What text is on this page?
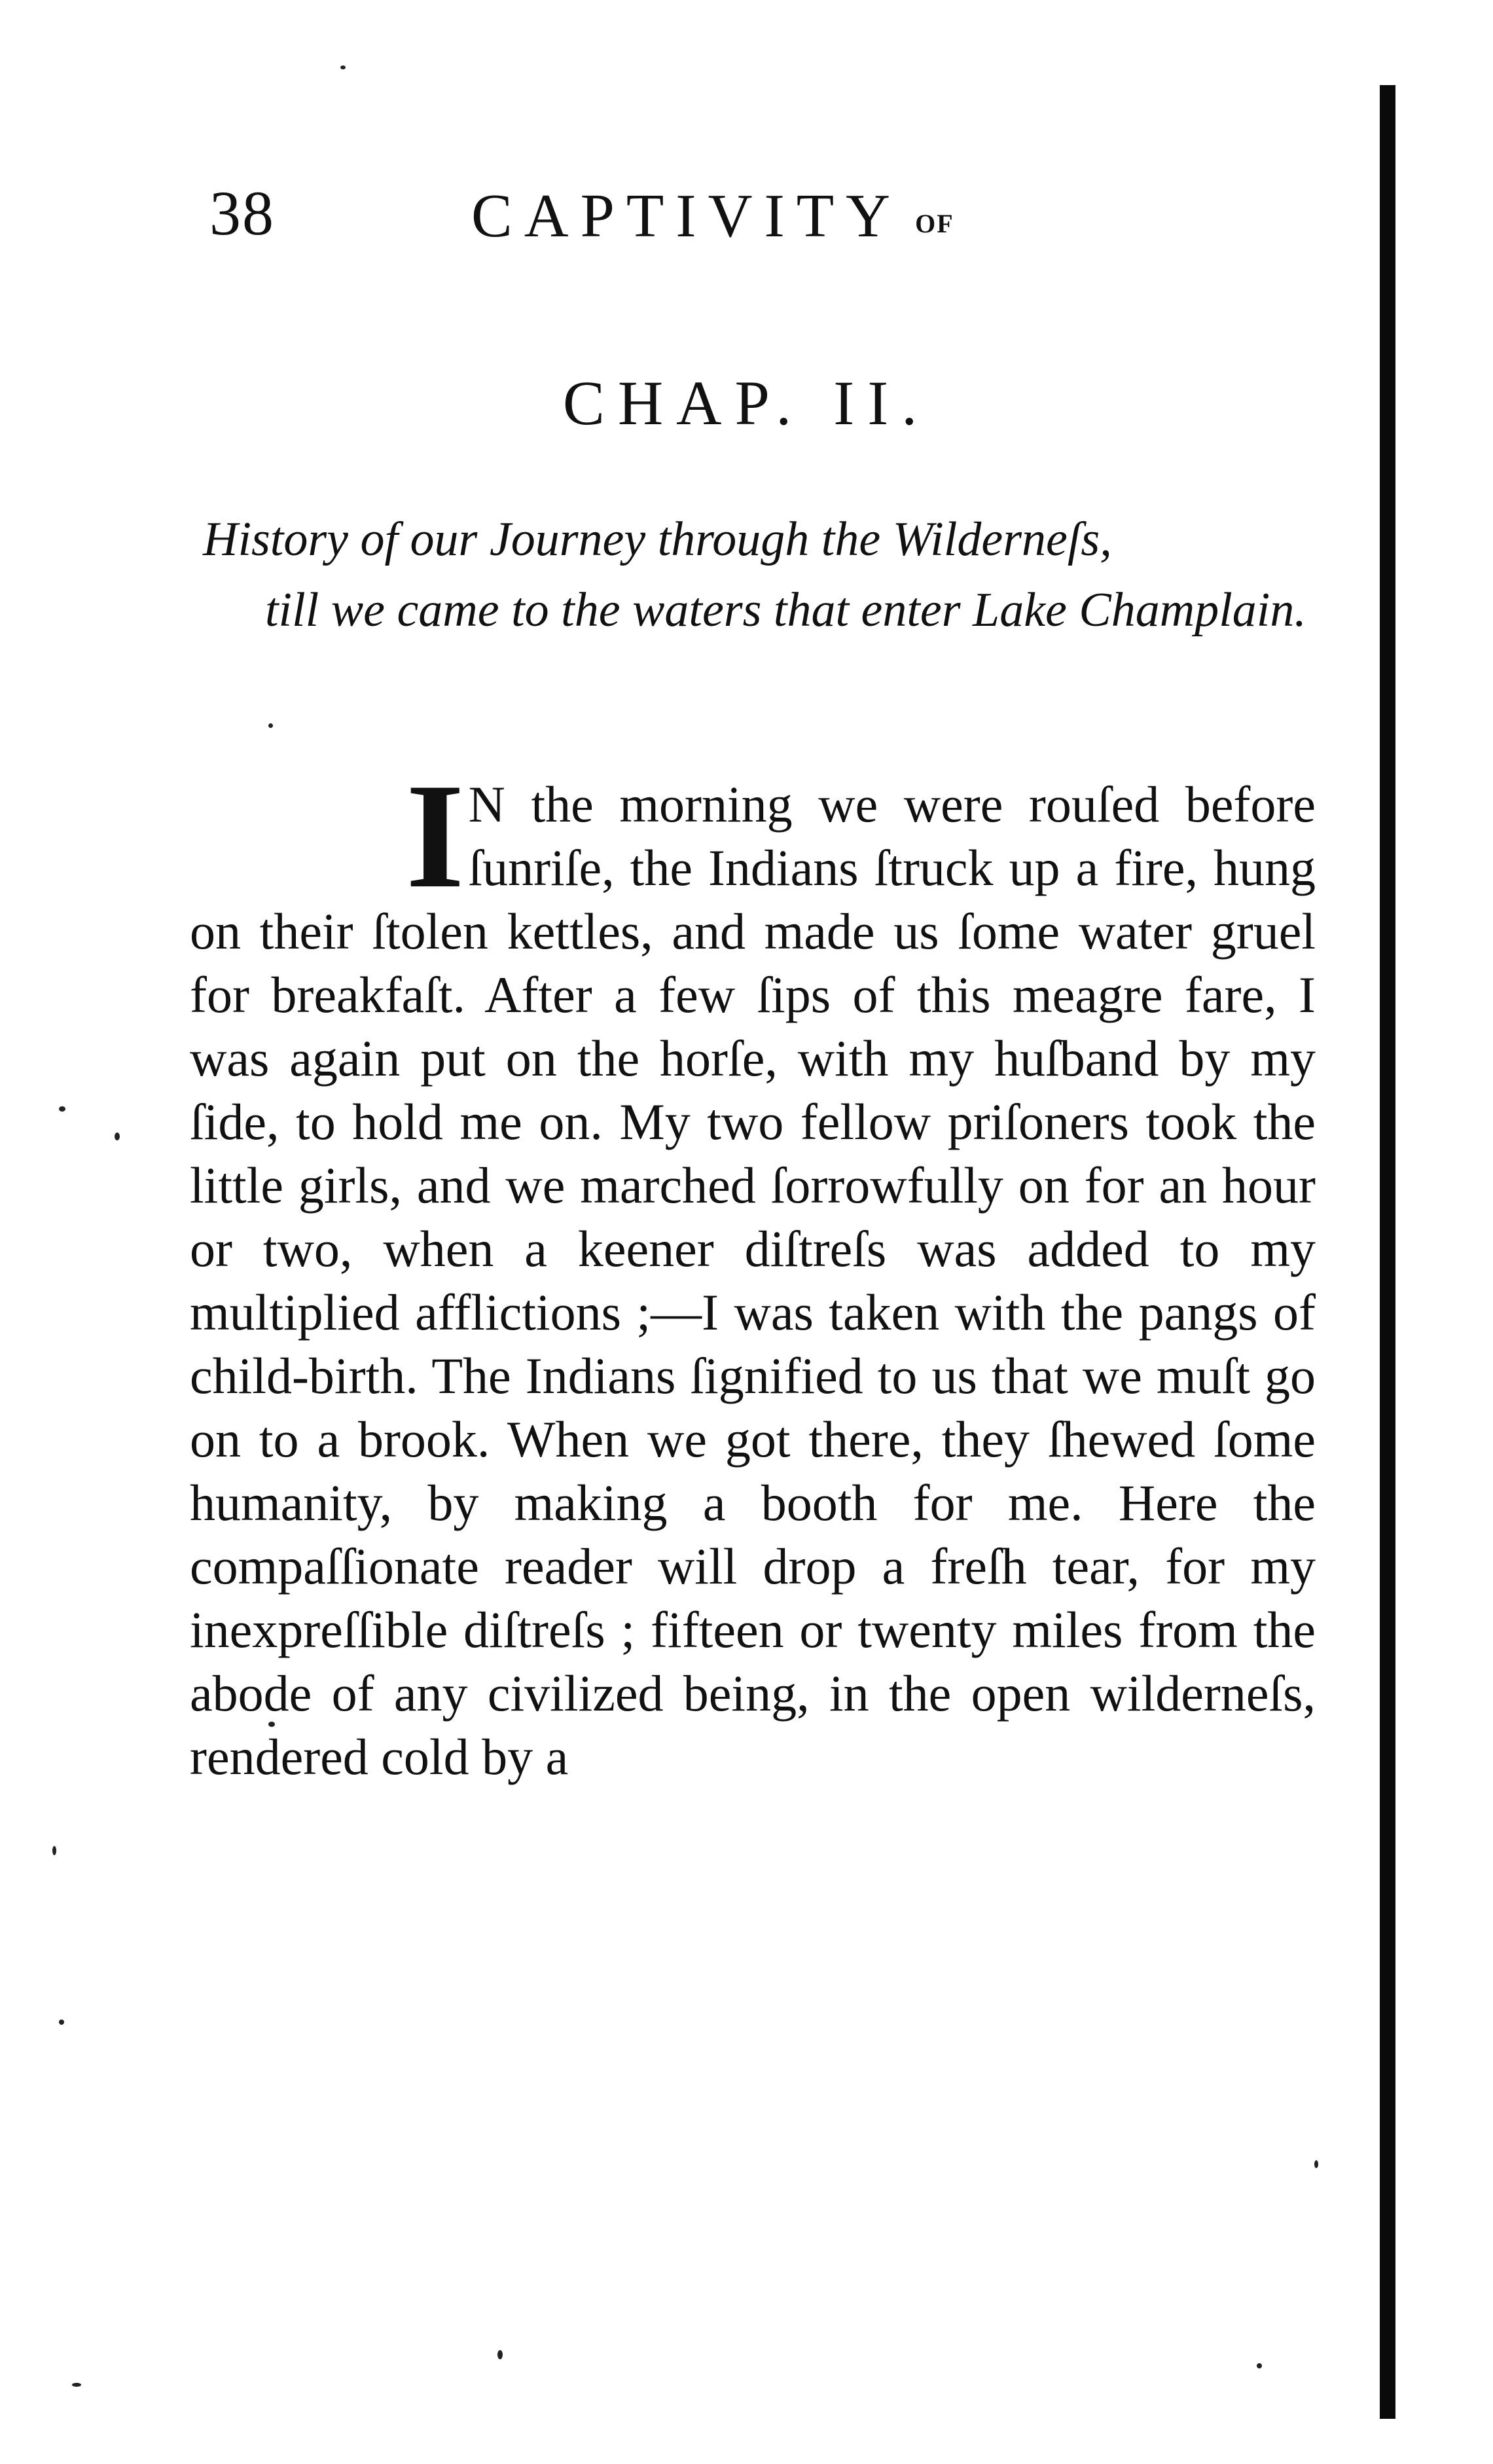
38	CAPTIVITY OF
CHAP. II.
History of our Journey through the Wilderneſs,
till we came to the waters that enter Lake Champlain.
I N the morning we were rouſed before ſunriſe, the Indians ſtruck up a fire, hung on their ſtolen kettles, and made us ſome water gruel for breakfaſt. After a few ſips of this meagre fare, I was again put on the horſe, with my huſband by my ſide, to hold me on. My two fellow priſoners took the little girls, and we marched ſorrowfully on for an hour or two, when a keener diſtreſs was added to my multiplied afflictions ;—I was taken with the pangs of child-birth. The Indians ſignified to us that we muſt go on to a brook. When we got there, they ſhewed ſome humanity, by making a booth for me. Here the compaſſionate reader will drop a freſh tear, for my inexpreſſible diſtreſs ; fifteen or twenty miles from the abode of any civilized being, in the open wilderneſs, rendered cold by a
